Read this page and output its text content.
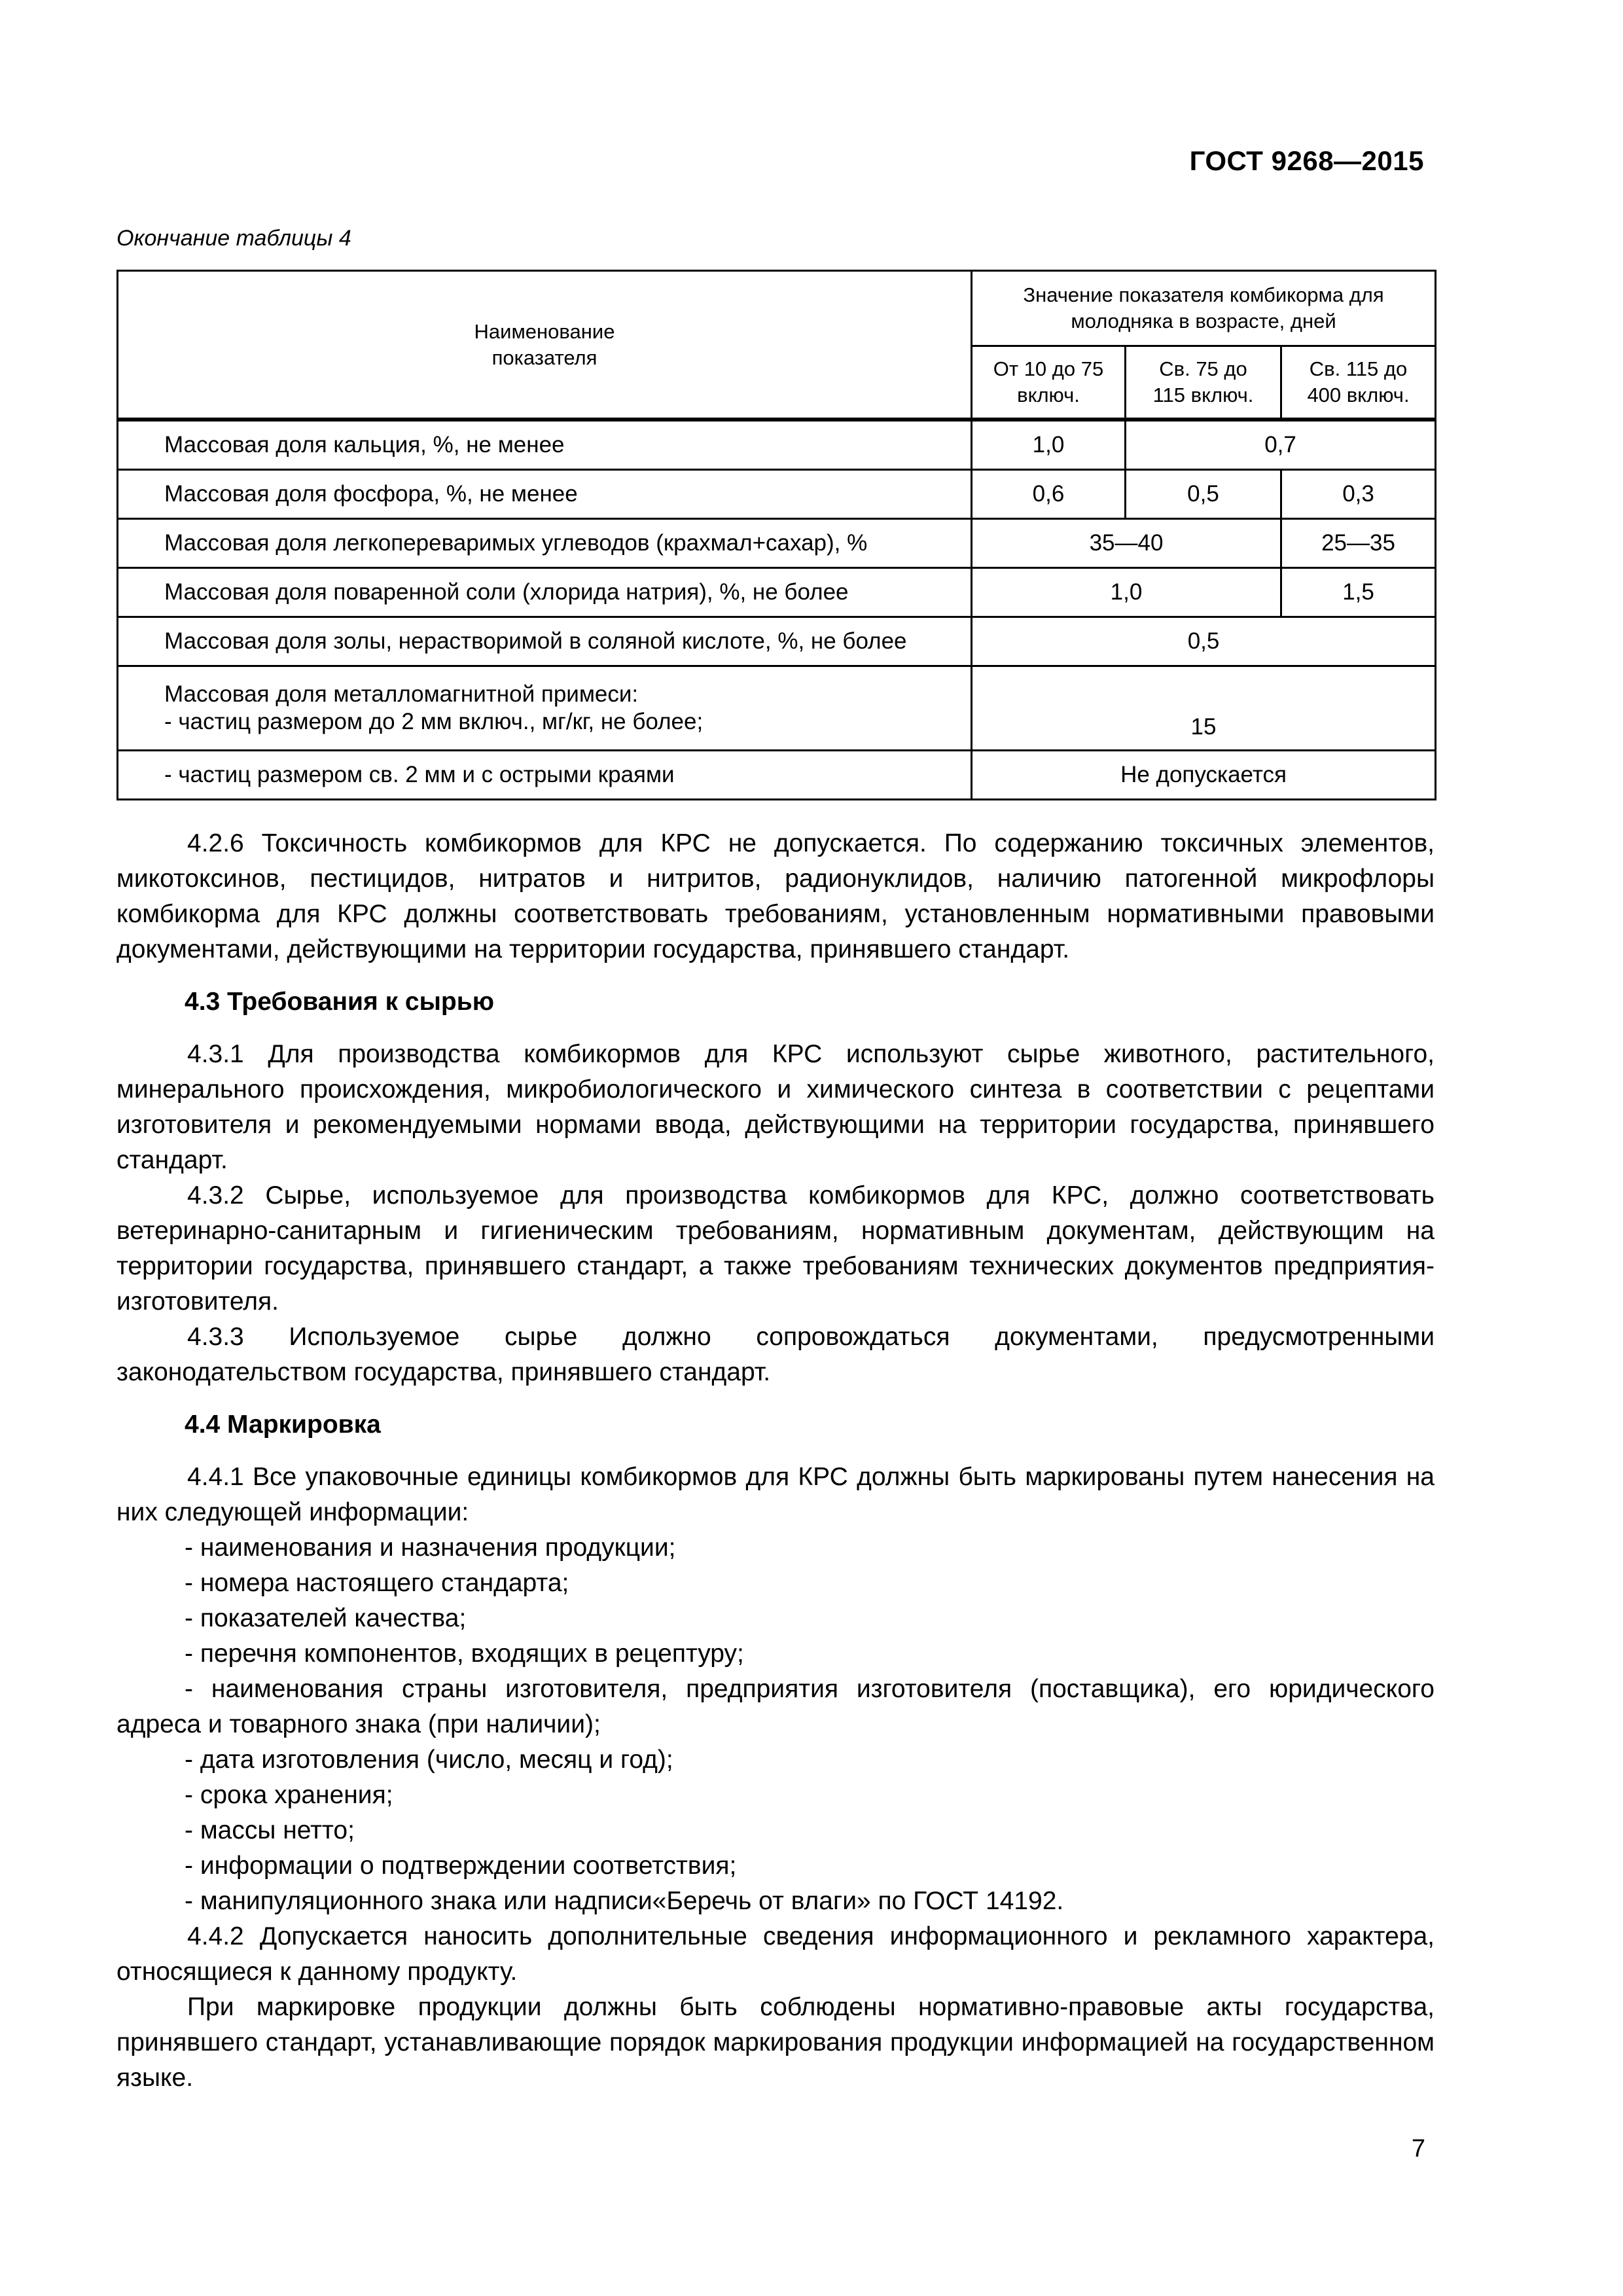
ГОСТ 9268—2015
Окончание таблицы 4
Наименование показателя	Значение показателя комбикорма для молодняка в возрасте, дней		

	От 10 до 75 включ.	Св. 75 до 115 включ.	Св. 115 до 400 включ.

Массовая доля кальция, %, не менее	1,0	0,7	
Массовая доля фосфора, %, не менее	0,6	0,5	0,3
Массовая доля легкопереваримых углеводов (крахмал+сахар), %	35—40		25—35
Массовая доля поваренной соли (хлорида натрия), %, не более	1,0		1,5
Массовая доля золы, нерастворимой в соляной кислоте, %, не более	0,5		

Массовая доля металломагнитной примеси:
- частиц размером до 2 мм включ., мг/кг, не более;	15		
- частиц размером св. 2 мм и с острыми краями	Не допускается		

4.2.6 Токсичность комбикормов для КРС не допускается. По содержанию токсичных элементов, микотоксинов, пестицидов, нитратов и нитритов, радионуклидов, наличию патогенной микрофлоры комбикорма для КРС должны соответствовать требованиям, установленным нормативными правовыми документами, действующими на территории государства, принявшего стандарт.

4.3 Требования к сырью

4.3.1 Для производства комбикормов для КРС используют сырье животного, растительного, минерального происхождения, микробиологического и химического синтеза в соответствии с рецептами изготовителя и рекомендуемыми нормами ввода, действующими на территории государства, принявшего стандарт.

4.3.2 Сырье, используемое для производства комбикормов для КРС, должно соответствовать ветеринарно-санитарным и гигиеническим требованиям, нормативным документам, действующим на территории государства, принявшего стандарт, а также требованиям технических документов предприятия-изготовителя.

4.3.3 Используемое сырье должно сопровождаться документами, предусмотренными законодательством государства, принявшего стандарт.

4.4 Маркировка

4.4.1 Все упаковочные единицы комбикормов для КРС должны быть маркированы путем нанесения на них следующей информации:

- наименования и назначения продукции;

- номера настоящего стандарта;

- показателей качества;

- перечня компонентов, входящих в рецептуру;

- наименования страны изготовителя, предприятия изготовителя (поставщика), его юридического адреса и товарного знака (при наличии);

- дата изготовления (число, месяц и год);

- срока хранения;

- массы нетто;

- информации о подтверждении соответствия;

- манипуляционного знака или надписи«Беречь от влаги» по ГОСТ 14192.

4.4.2 Допускается наносить дополнительные сведения информационного и рекламного характера, относящиеся к данному продукту.

При маркировке продукции должны быть соблюдены нормативно-правовые акты государства, принявшего стандарт, устанавливающие порядок маркирования продукции информацией на государственном языке.

7
